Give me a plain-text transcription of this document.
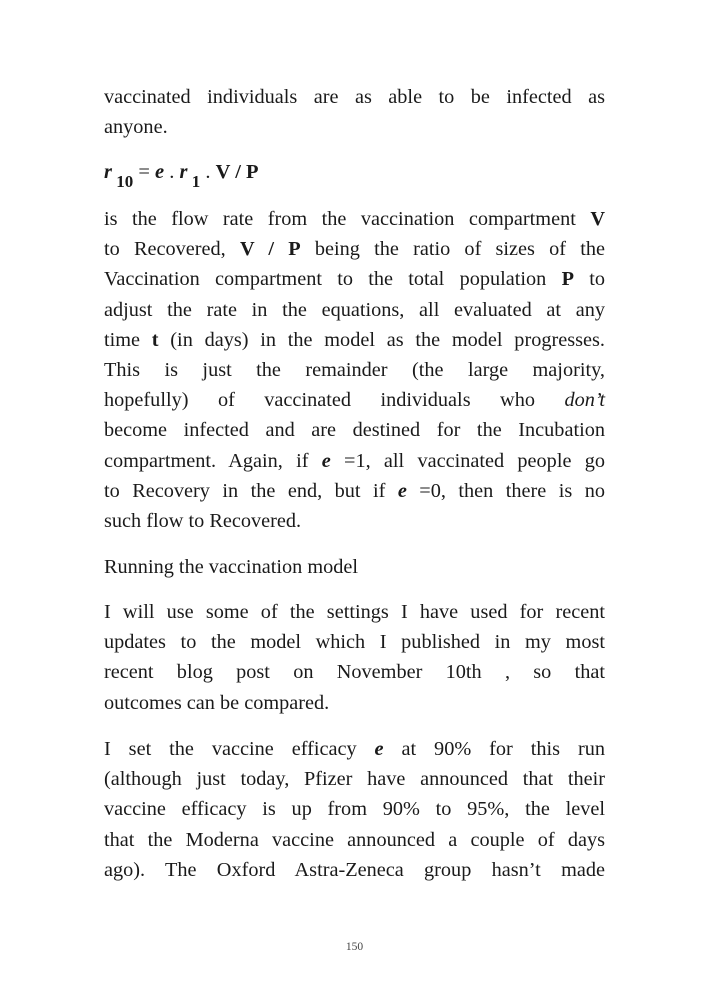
vaccinated individuals are as able to be infected as
anyone.
r $_{10}$ = e . r $_1$ . V / P
is the flow rate from the vaccination compartment V
to Recovered, V / P being the ratio of sizes of the
Vaccination compartment to the total population P to
adjust the rate in the equations, all evaluated at any
time t (in days) in the model as the model progresses.
This is just the remainder (the large majority,
hopefully) of vaccinated individuals who don’t
become infected and are destined for the Incubation
compartment. Again, if e =1, all vaccinated people go
to Recovery in the end, but if e =0, then there is no
such flow to Recovered.
Running the vaccination model
I will use some of the settings I have used for recent
updates to the model which I published in my most
recent blog post on November 10th , so that
outcomes can be compared.
I set the vaccine efficacy e at 90% for this run
(although just today, Pfizer have announced that their
vaccine efficacy is up from 90% to 95%, the level
that the Moderna vaccine announced a couple of days
ago). The Oxford Astra-Zeneca group hasn’t made
150
